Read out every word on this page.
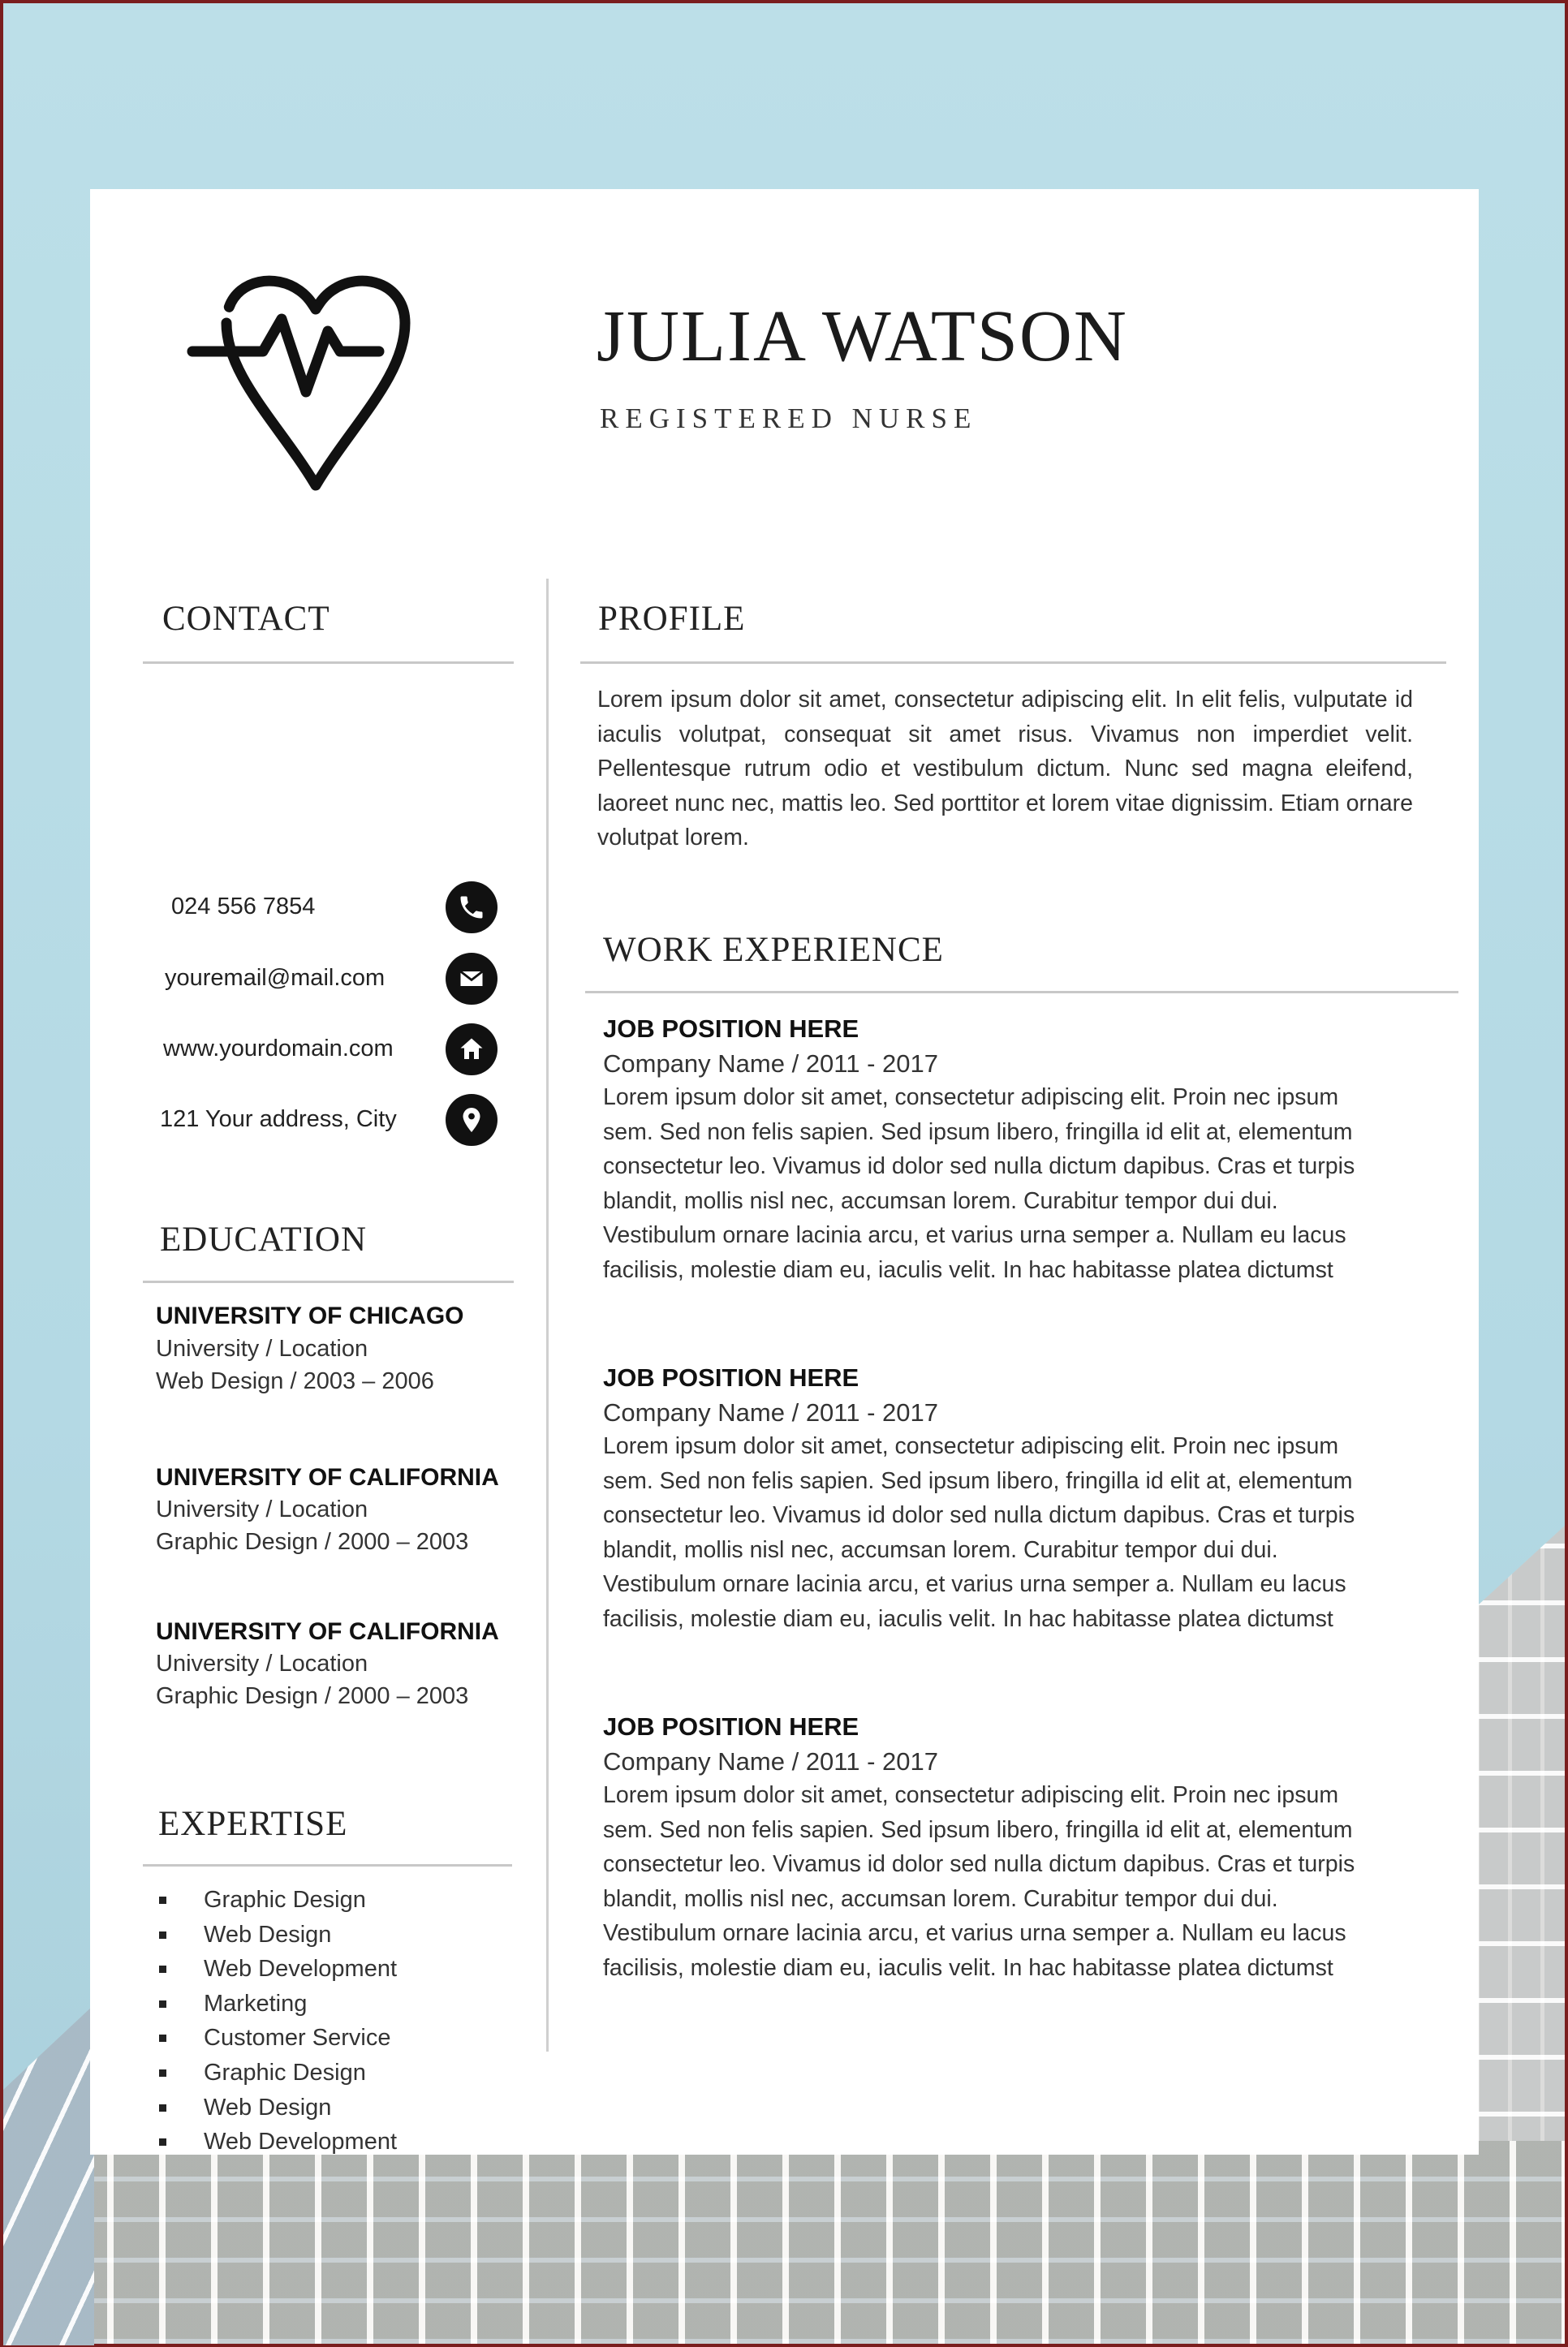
JULIA WATSON
REGISTERED NURSE
CONTACT
024 556 7854
youremail@mail.com
www.yourdomain.com
121 Your address, City
EDUCATION
UNIVERSITY OF CHICAGO
University / Location
Web Design / 2003 – 2006
UNIVERSITY OF CALIFORNIA
University / Location
Graphic Design / 2000 – 2003
UNIVERSITY OF CALIFORNIA
University / Location
Graphic Design / 2000 – 2003
EXPERTISE
Graphic Design
Web Design
Web Development
Marketing
Customer Service
Graphic Design
Web Design
Web Development
PROFILE
Lorem ipsum dolor sit amet, consectetur adipiscing elit. In elit felis, vulputate id iaculis volutpat, consequat sit amet risus. Vivamus non imperdiet velit. Pellentesque rutrum odio et vestibulum dictum. Nunc sed magna eleifend, laoreet nunc nec, mattis leo. Sed porttitor et lorem vitae dignissim. Etiam ornare volutpat lorem.
WORK EXPERIENCE
JOB POSITION HERE
Company Name / 2011 - 2017
Lorem ipsum dolor sit amet, consectetur adipiscing elit. Proin nec ipsum
sem. Sed non felis sapien. Sed ipsum libero, fringilla id elit at, elementum
consectetur leo. Vivamus id dolor sed nulla dictum dapibus. Cras et turpis
blandit, mollis nisl nec, accumsan lorem. Curabitur tempor dui dui.
Vestibulum ornare lacinia arcu, et varius urna semper a. Nullam eu lacus
facilisis, molestie diam eu, iaculis velit. In hac habitasse platea dictumst
JOB POSITION HERE
Company Name / 2011 - 2017
Lorem ipsum dolor sit amet, consectetur adipiscing elit. Proin nec ipsum
sem. Sed non felis sapien. Sed ipsum libero, fringilla id elit at, elementum
consectetur leo. Vivamus id dolor sed nulla dictum dapibus. Cras et turpis
blandit, mollis nisl nec, accumsan lorem. Curabitur tempor dui dui.
Vestibulum ornare lacinia arcu, et varius urna semper a. Nullam eu lacus
facilisis, molestie diam eu, iaculis velit. In hac habitasse platea dictumst
JOB POSITION HERE
Company Name / 2011 - 2017
Lorem ipsum dolor sit amet, consectetur adipiscing elit. Proin nec ipsum
sem. Sed non felis sapien. Sed ipsum libero, fringilla id elit at, elementum
consectetur leo. Vivamus id dolor sed nulla dictum dapibus. Cras et turpis
blandit, mollis nisl nec, accumsan lorem. Curabitur tempor dui dui.
Vestibulum ornare lacinia arcu, et varius urna semper a. Nullam eu lacus
facilisis, molestie diam eu, iaculis velit. In hac habitasse platea dictumst
